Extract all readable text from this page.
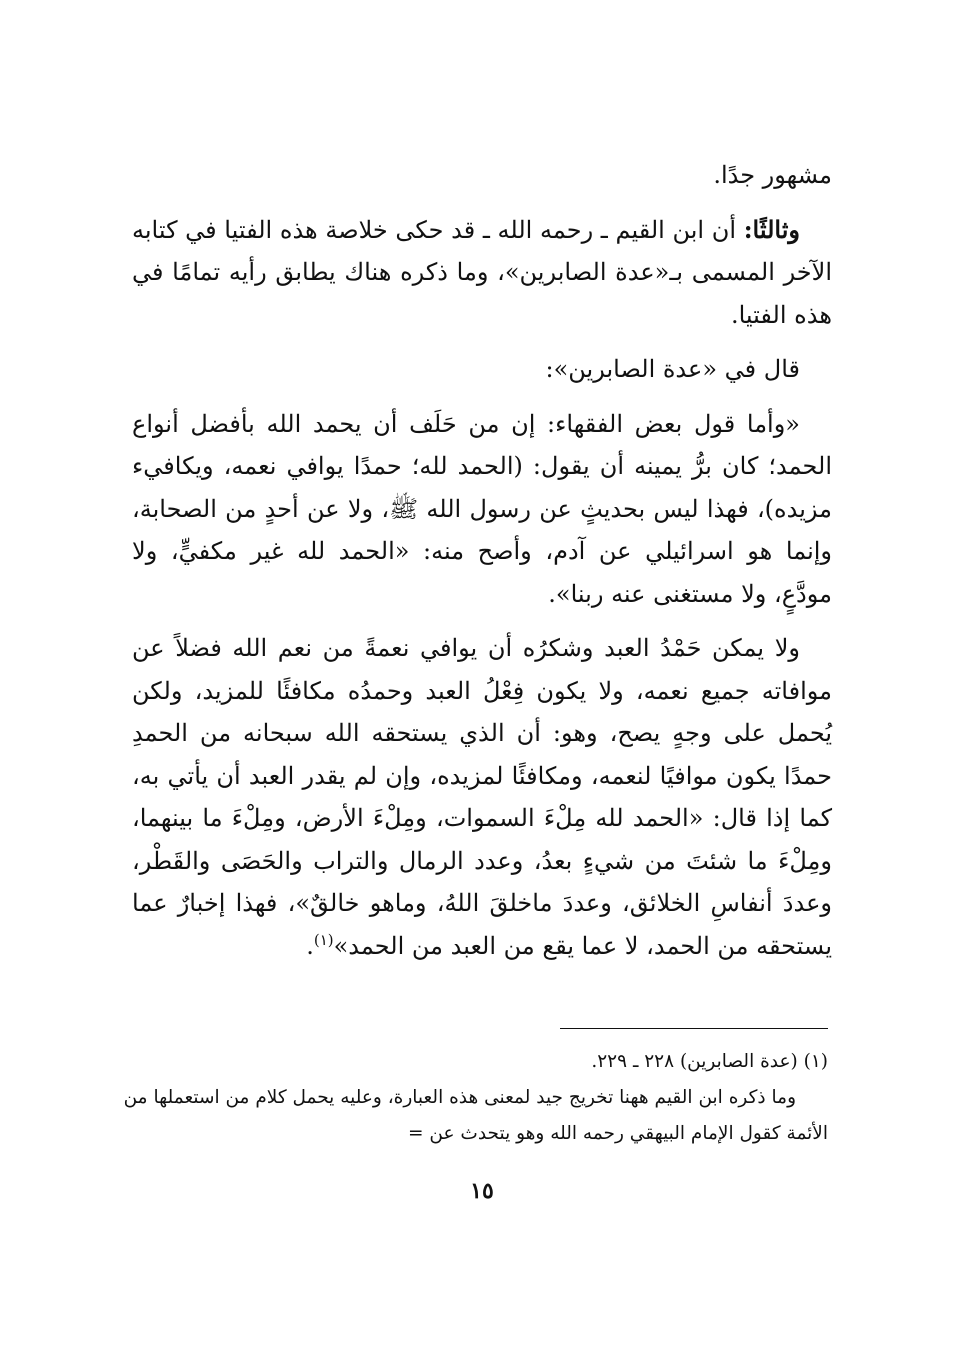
مشهور جدًا.

وثالثًا: أن ابن القيم ـ رحمه الله ـ قد حكى خلاصة هذه الفتيا في كتابه الآخر المسمى بـ«عدة الصابرين»، وما ذكره هناك يطابق رأيه تمامًا في هذه الفتيا.

قال في «عدة الصابرين»:

«وأما قول بعض الفقهاء: إن من حَلَف أن يحمد الله بأفضل أنواع الحمد؛ كان برُّ يمينه أن يقول: (الحمد لله؛ حمدًا يوافي نعمه، ويكافيء مزيده)، فهذا ليس بحديثٍ عن رسول الله ﷺ، ولا عن أحدٍ من الصحابة، وإنما هو اسرائيلي عن آدم، وأصح منه: «الحمد لله غير مكفيٍّ، ولا مودَّعٍ، ولا مستغنى عنه ربنا».

ولا يمكن حَمْدُ العبد وشكرُه أن يوافي نعمةً من نعم الله فضلاً عن موافاته جميع نعمه، ولا يكون فِعْلُ العبد وحمدُه مكافئًا للمزيد، ولكن يُحمل على وجهٍ يصح، وهو: أن الذي يستحقه الله سبحانه من الحمدِ حمدًا يكون موافيًا لنعمه، ومكافئًا لمزيده، وإن لم يقدر العبد أن يأتي به، كما إذا قال: «الحمد لله مِلْءَ السموات، ومِلْءَ الأرض، ومِلْءَ ما بينهما، ومِلْءَ ما شئتَ من شيءٍ بعدُ، وعدد الرمال والتراب والحَصَى والقَطْر، وعددَ أنفاسِ الخلائق، وعددَ ماخلقَ اللهُ، وماهو خالقٌ»، فهذا إخبارٌ عما يستحقه من الحمد، لا عما يقع من العبد من الحمد»$^{(١)}$.

(١) (عدة الصابرين) ٢٢٨ ـ ٢٢٩.

وما ذكره ابن القيم ههنا تخريج جيد لمعنى هذه العبارة، وعليه يحمل كلام من استعملها من الأئمة كقول الإمام البيهقي رحمه الله وهو يتحدث عن =

١٥
